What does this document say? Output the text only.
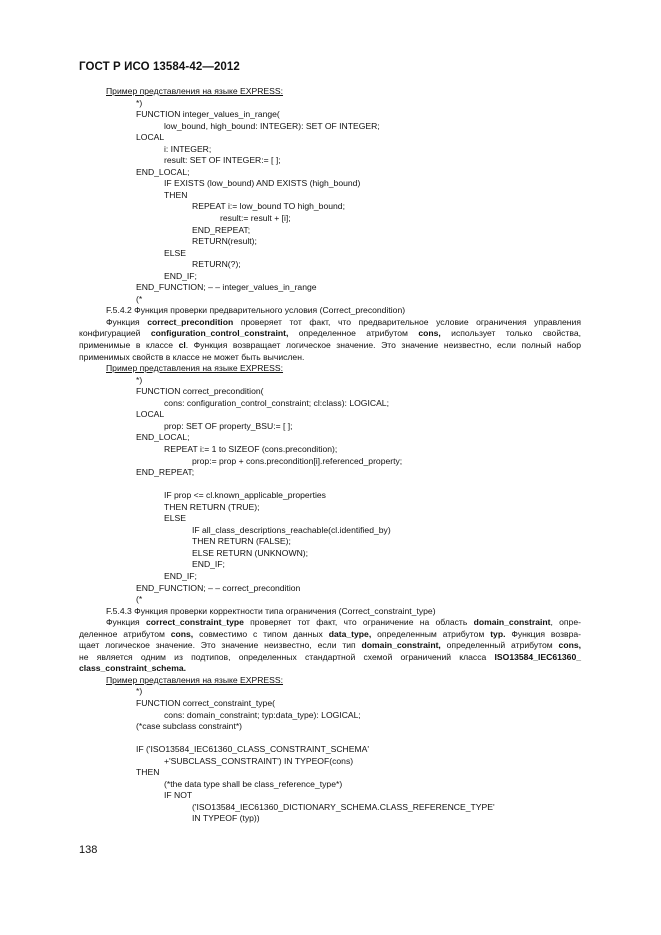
ГОСТ Р ИСО 13584-42—2012
Пример представления на языке EXPRESS:
*)
FUNCTION integer_values_in_range(
low_bound, high_bound: INTEGER): SET OF INTEGER;
LOCAL
i: INTEGER;
result: SET OF INTEGER:= [ ];
END_LOCAL;
IF EXISTS (low_bound) AND EXISTS (high_bound)
THEN
REPEAT i:= low_bound TO high_bound;
result:= result + [i];
END_REPEAT;
RETURN(result);
ELSE
RETURN(?);
END_IF;
END_FUNCTION; – – integer_values_in_range
(*
F.5.4.2 Функция проверки предварительного условия (Correct_precondition)
Функция correct_precondition проверяет тот факт, что предварительное условие ограничения управления
конфигурацией configuration_control_constraint, определенное атрибутом cons, использует только свойства,
применимые в классе cl. Функция возвращает логическое значение. Это значение неизвестно, если полный набор
применимых свойств в классе не может быть вычислен.
Пример представления на языке EXPRESS:
*)
FUNCTION correct_precondition(
cons: configuration_control_constraint; cl:class): LOGICAL;
LOCAL
prop: SET OF property_BSU:= [ ];
END_LOCAL;
REPEAT i:= 1 to SIZEOF (cons.precondition);
prop:= prop + cons.precondition[i].referenced_property;
END_REPEAT;
IF prop <= cl.known_applicable_properties
THEN RETURN (TRUE);
ELSE
IF all_class_descriptions_reachable(cl.identified_by)
THEN RETURN (FALSE);
ELSE RETURN (UNKNOWN);
END_IF;
END_IF;
END_FUNCTION; – – correct_precondition
(*
F.5.4.3 Функция проверки корректности типа ограничения (Correct_constraint_type)
Функция correct_constraint_type проверяет тот факт, что ограничение на область domain_constraint, опре-
деленное атрибутом cons, совместимо с типом данных data_type, определенным атрибутом typ. Функция возвра-
щает логическое значение. Это значение неизвестно, если тип domain_constraint, определенный атрибутом cons,
не является одним из подтипов, определенных стандартной схемой ограничений класса ISO13584_IEC61360_
class_constraint_schema.
Пример представления на языке EXPRESS:
*)
FUNCTION correct_constraint_type(
cons: domain_constraint; typ:data_type): LOGICAL;
(*case subclass constraint*)
IF ('ISO13584_IEC61360_CLASS_CONSTRAINT_SCHEMA'
+'SUBCLASS_CONSTRAINT') IN TYPEOF(cons)
THEN
(*the data type shall be class_reference_type*)
IF NOT
('ISO13584_IEC61360_DICTIONARY_SCHEMA.CLASS_REFERENCE_TYPE'
IN TYPEOF (typ))
138
